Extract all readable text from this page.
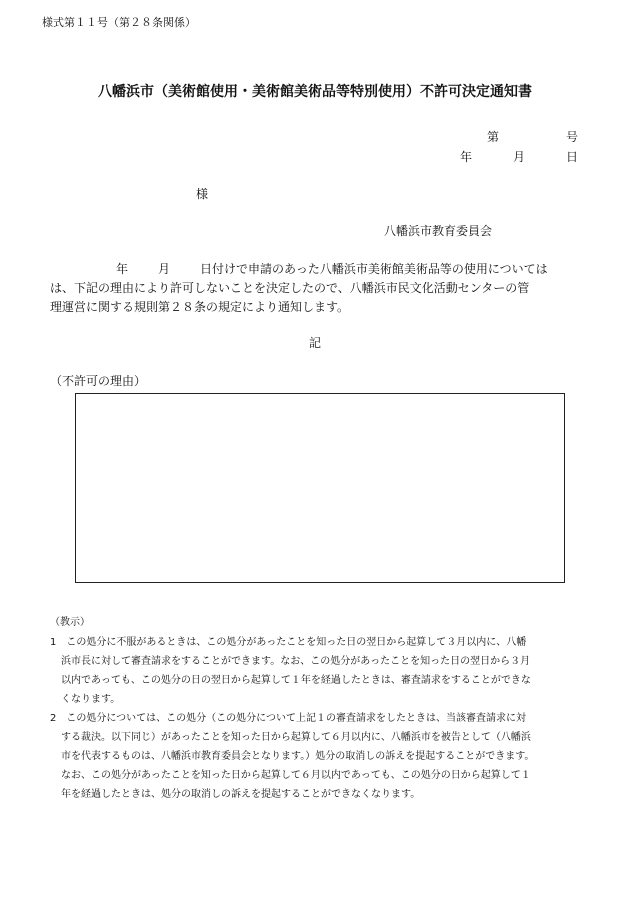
様式第１１号（第２８条関係）
八幡浜市（美術館使用・美術館美術品等特別使用）不許可決定通知書
第	号
年	月	日
様
八幡浜市教育委員会
年 月 日付けで申請のあった八幡浜市美術館美術品等の使用については
は、下記の理由により許可しないことを決定したので、八幡浜市民文化活動センターの管
理運営に関する規則第２８条の規定により通知します。
記
（不許可の理由）
（教示）
1　この処分に不服があるときは、この処分があったことを知った日の翌日から起算して３月以内に、八幡
浜市長に対して審査請求をすることができます。なお、この処分があったことを知った日の翌日から３月
以内であっても、この処分の日の翌日から起算して１年を経過したときは、審査請求をすることができな
くなります。
2　この処分については、この処分（この処分について上記１の審査請求をしたときは、当該審査請求に対
する裁決。以下同じ）があったことを知った日から起算して６月以内に、八幡浜市を被告として（八幡浜
市を代表するものは、八幡浜市教育委員会となります。）処分の取消しの訴えを提起することができます。
なお、この処分があったことを知った日から起算して６月以内であっても、この処分の日から起算して１
年を経過したときは、処分の取消しの訴えを提起することができなくなります。
